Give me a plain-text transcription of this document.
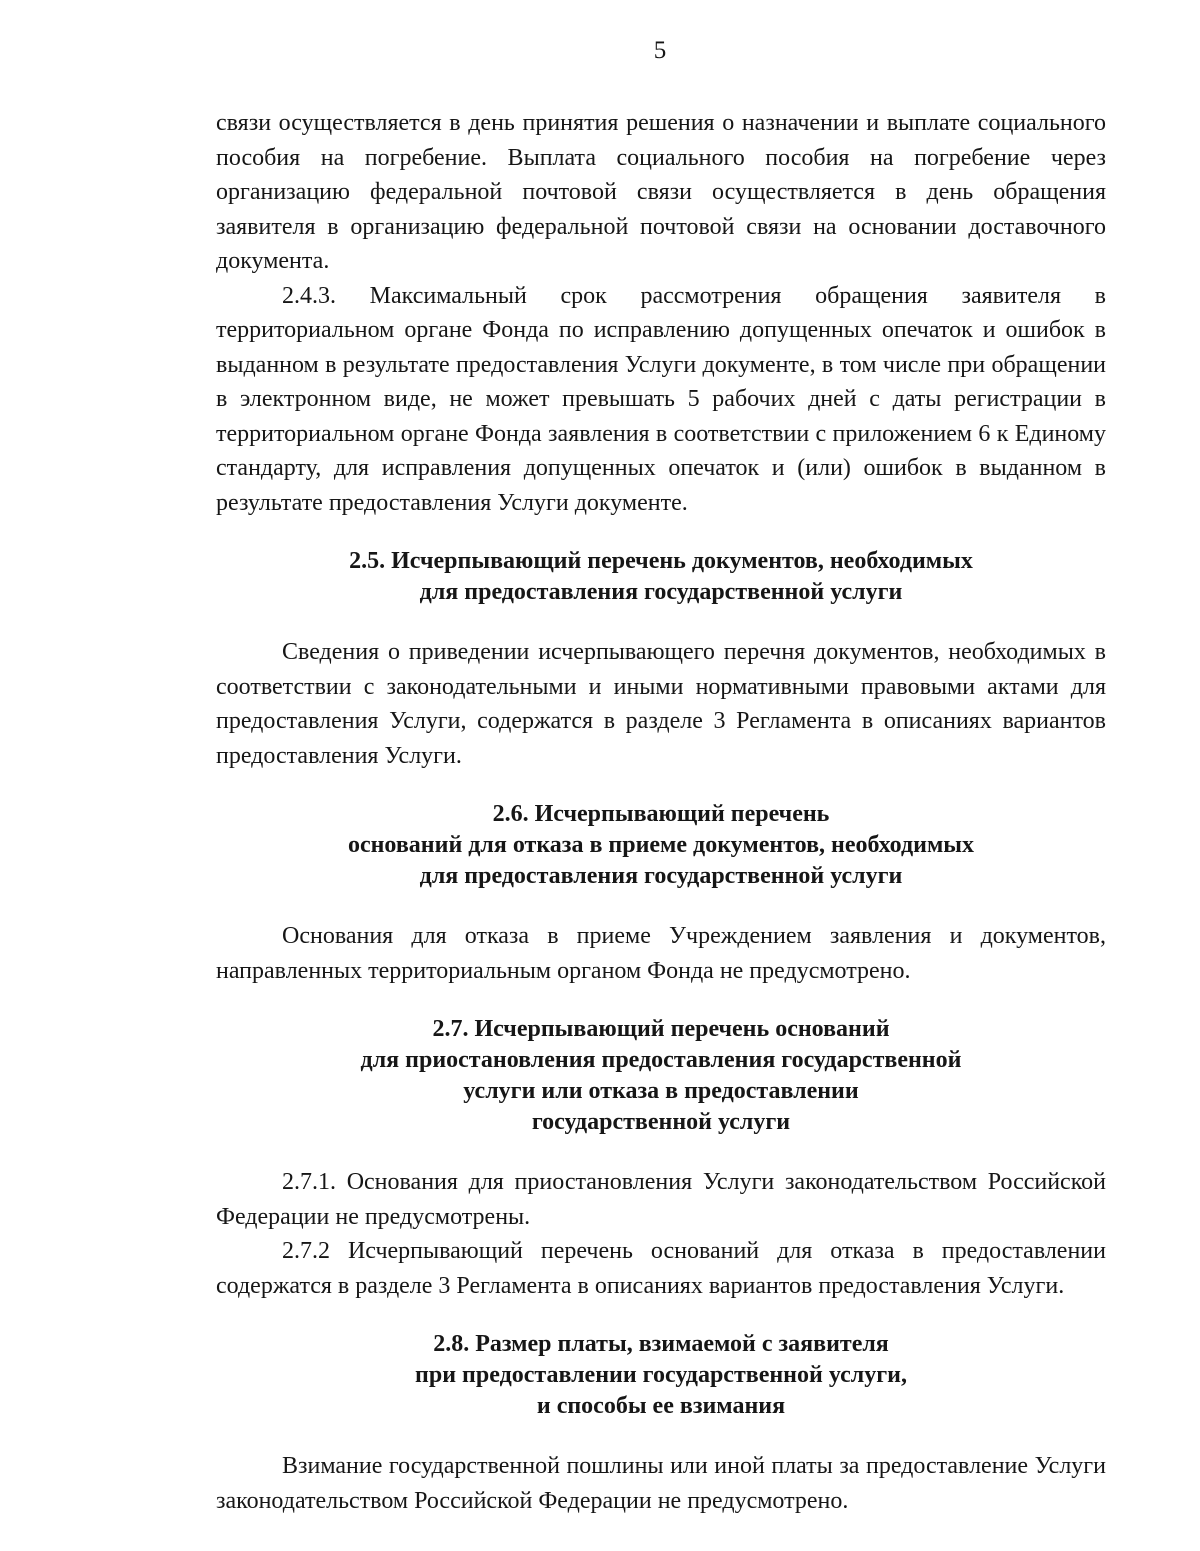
5

связи осуществляется в день принятия решения о назначении и выплате социального пособия на погребение. Выплата социального пособия на погребение через организацию федеральной почтовой связи осуществляется в день обращения заявителя в организацию федеральной почтовой связи на основании доставочного документа.

2.4.3. Максимальный срок рассмотрения обращения заявителя в территориальном органе Фонда по исправлению допущенных опечаток и ошибок в выданном в результате предоставления Услуги документе, в том числе при обращении в электронном виде, не может превышать 5 рабочих дней с даты регистрации в территориальном органе Фонда заявления в соответствии с приложением 6 к Единому стандарту, для исправления допущенных опечаток и (или) ошибок в выданном в результате предоставления Услуги документе.

2.5. Исчерпывающий перечень документов, необходимых
для предоставления государственной услуги

Сведения о приведении исчерпывающего перечня документов, необходимых в соответствии с законодательными и иными нормативными правовыми актами для предоставления Услуги, содержатся в разделе 3 Регламента в описаниях вариантов предоставления Услуги.

2.6. Исчерпывающий перечень
оснований для отказа в приеме документов, необходимых
для предоставления государственной услуги

Основания для отказа в приеме Учреждением заявления и документов, направленных территориальным органом Фонда не предусмотрено.

2.7. Исчерпывающий перечень оснований
для приостановления предоставления государственной
услуги или отказа в предоставлении
государственной услуги

2.7.1. Основания для приостановления Услуги законодательством Российской Федерации не предусмотрены.

2.7.2 Исчерпывающий перечень оснований для отказа в предоставлении содержатся в разделе 3 Регламента в описаниях вариантов предоставления Услуги.

2.8. Размер платы, взимаемой с заявителя
при предоставлении государственной услуги,
и способы ее взимания

Взимание государственной пошлины или иной платы за предоставление Услуги законодательством Российской Федерации не предусмотрено.
